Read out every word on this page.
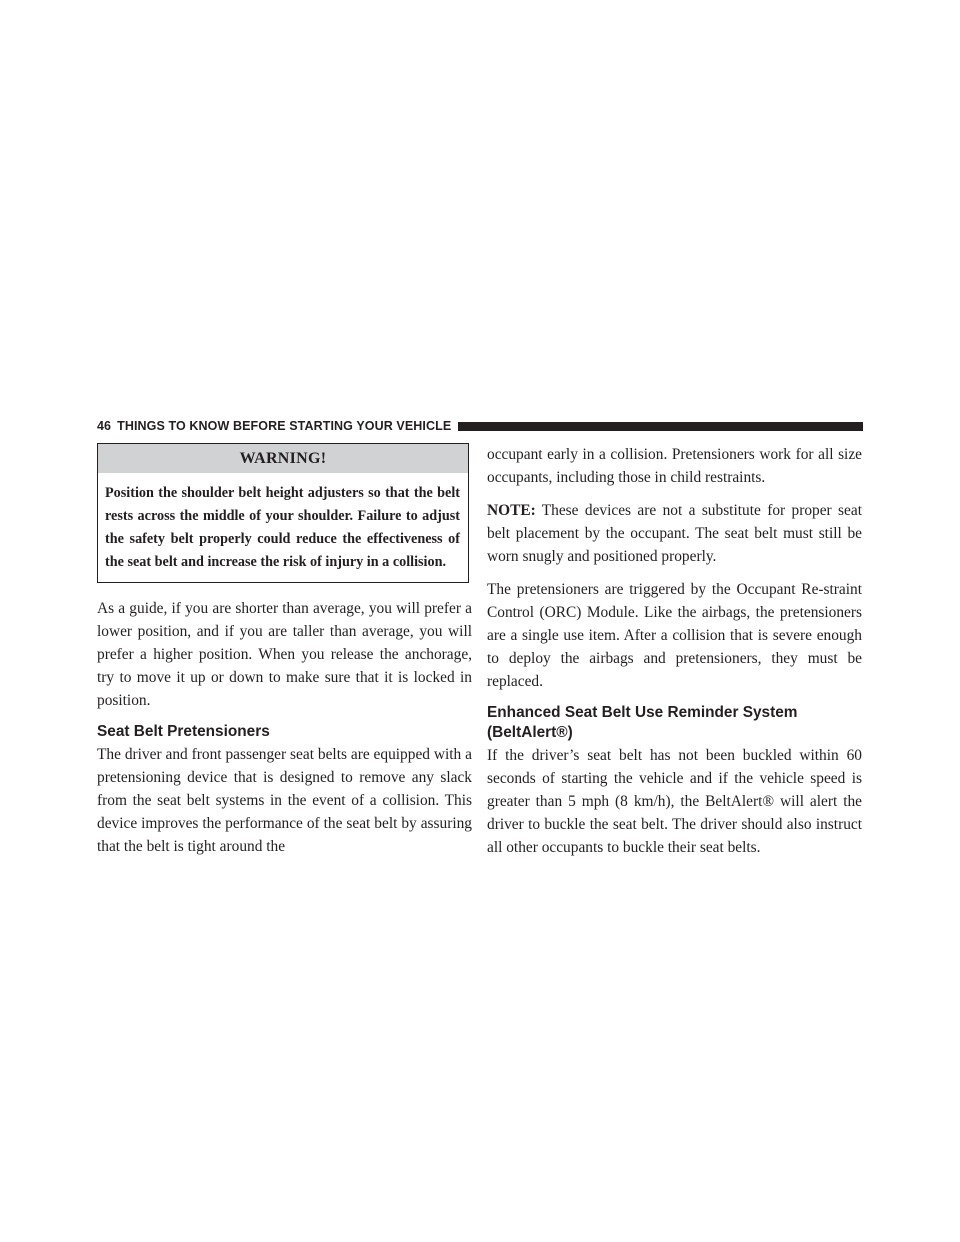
46 THINGS TO KNOW BEFORE STARTING YOUR VEHICLE
WARNING!
Position the shoulder belt height adjusters so that the belt rests across the middle of your shoulder. Failure to adjust the safety belt properly could reduce the effectiveness of the seat belt and increase the risk of injury in a collision.

As a guide, if you are shorter than average, you will prefer a lower position, and if you are taller than average, you will prefer a higher position. When you release the anchorage, try to move it up or down to make sure that it is locked in position.

Seat Belt Pretensioners

The driver and front passenger seat belts are equipped with a pretensioning device that is designed to remove any slack from the seat belt systems in the event of a collision. This device improves the performance of the seat belt by assuring that the belt is tight around the

occupant early in a collision. Pretensioners work for all size occupants, including those in child restraints.

NOTE: These devices are not a substitute for proper seat belt placement by the occupant. The seat belt must still be worn snugly and positioned properly.

The pretensioners are triggered by the Occupant Re-straint Control (ORC) Module. Like the airbags, the pretensioners are a single use item. After a collision that is severe enough to deploy the airbags and pretensioners, they must be replaced.

Enhanced Seat Belt Use Reminder System (BeltAlert®)

If the driver’s seat belt has not been buckled within 60 seconds of starting the vehicle and if the vehicle speed is greater than 5 mph (8 km/h), the BeltAlert® will alert the driver to buckle the seat belt. The driver should also instruct all other occupants to buckle their seat belts.
